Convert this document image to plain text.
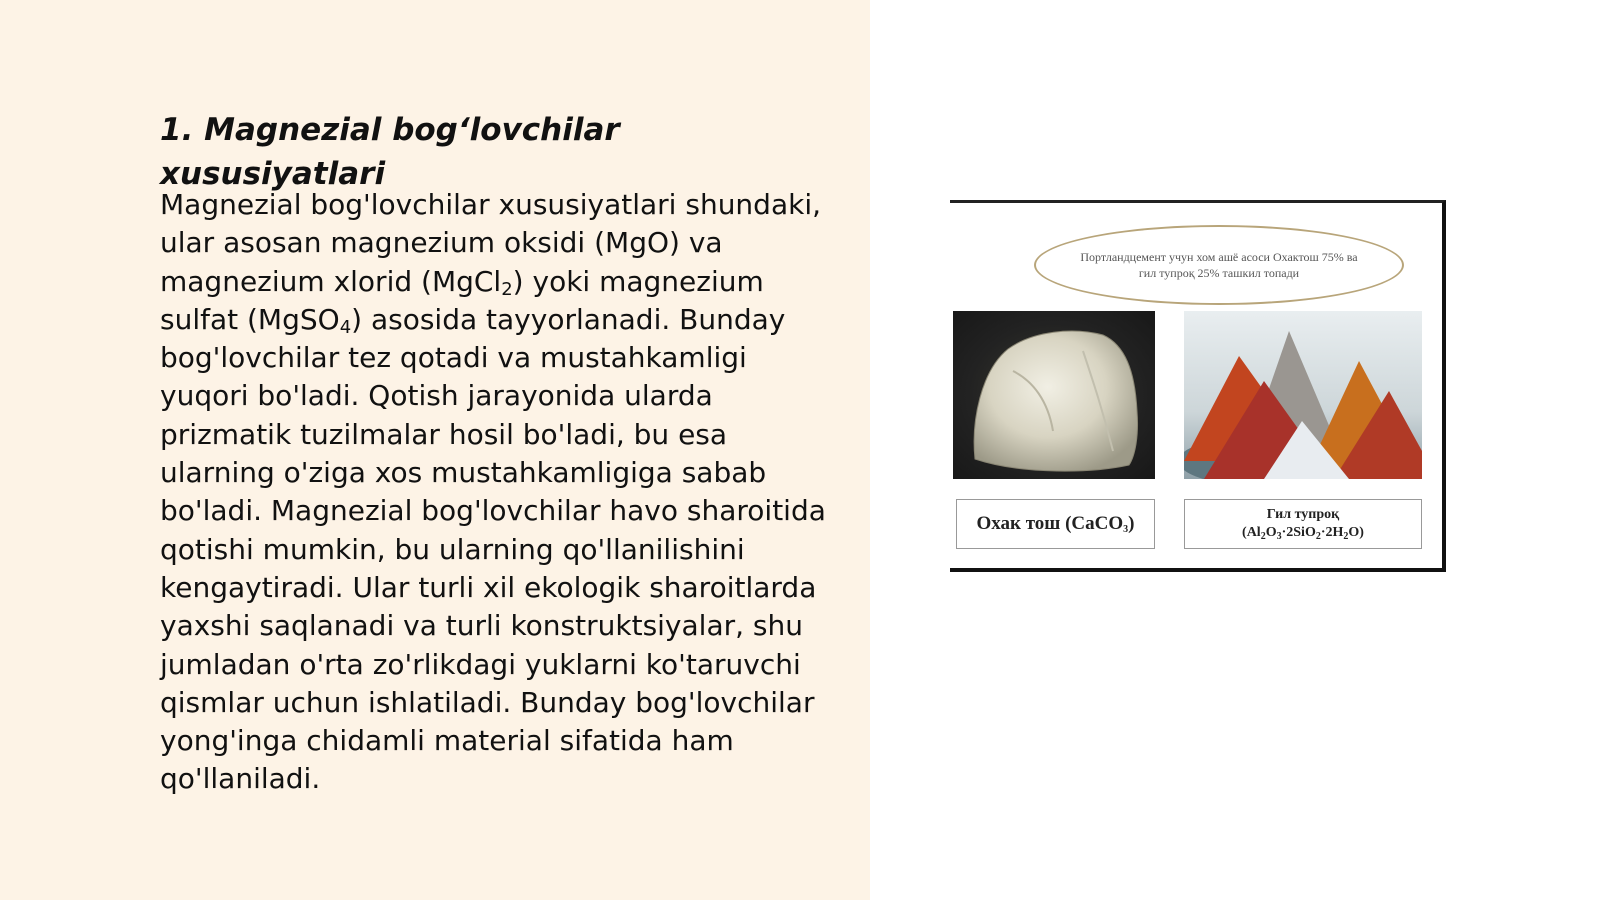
1. Magnezial bog‘lovchilar xususiyatlari

Magnezial bog'lovchilar xususiyatlari shundaki, ular asosan magnezium oksidi (MgO) va magnezium xlorid (MgCl$_2$) yoki magnezium sulfat (MgSO$_4$) asosida tayyorlanadi. Bunday bog'lovchilar tez qotadi va mustahkamligi yuqori bo'ladi. Qotish jarayonida ularda prizmatik tuzilmalar hosil bo'ladi, bu esa ularning o'ziga xos mustahkamligiga sabab bo'ladi. Magnezial bog'lovchilar havo sharoitida qotishi mumkin, bu ularning qo'llanilishini kengaytiradi. Ular turli xil ekologik sharoitlarda yaxshi saqlanadi va turli konstruktsiyalar, shu jumladan o'rta zo'rlikdagi yuklarni ko'taruvchi qismlar uchun ishlatiladi. Bunday bog'lovchilar yong'inga chidamli material sifatida ham qo'llaniladi.

Портландцемент учун хом ашё асоси Охактош 75% ва гил тупроқ 25% ташкил топади
Охак тош (CaCO$_3$)	Гил тупроқ
$(Al_2O_3\cdot 2SiO_2\cdot 2H_2O)$
